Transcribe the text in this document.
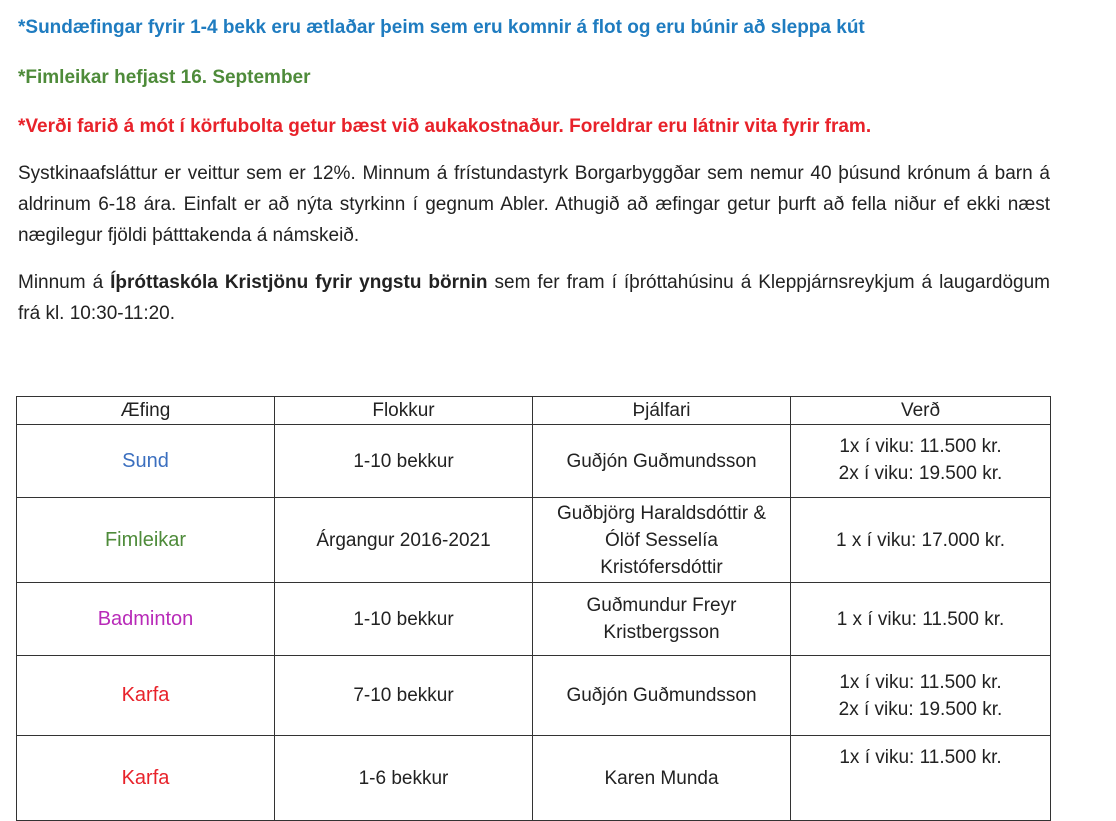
*Sundæfingar fyrir 1-4 bekk eru ætlaðar þeim sem eru komnir á flot og eru búnir að sleppa kút
*Fimleikar hefjast 16. September
*Verði farið á mót í körfubolta getur bæst við aukakostnaður. Foreldrar eru látnir vita fyrir fram.
Systkinaafsláttur er veittur sem er 12%. Minnum á frístundastyrk Borgarbyggðar sem nemur 40 þúsund krónum á barn á aldrinum 6-18 ára. Einfalt er að nýta styrkinn í gegnum Abler. Athugið að æfingar getur þurft að fella niður ef ekki næst nægilegur fjöldi þátttakenda á námskeið.
Minnum á Íþróttaskóla Kristjönu fyrir yngstu börnin sem fer fram í íþróttahúsinu á Kleppjárnsreykjum á laugardögum frá kl. 10:30-11:20.
Æfing	Flokkur	Þjálfari	Verð
Sund	1-10 bekkur	Guðjón Guðmundsson	1x í viku: 11.500 kr.
2x í viku: 19.500 kr.

Fimleikar	Árgangur 2016-2021	Guðbjörg Haraldsdóttir & Ólöf Sesselía Kristófersdóttir	1 x í viku: 17.000 kr.

Badminton	1-10 bekkur	Guðmundur Freyr Kristbergsson	1 x í viku: 11.500 kr.

Karfa	7-10 bekkur	Guðjón Guðmundsson	1x í viku: 11.500 kr.
2x í viku: 19.500 kr.

Karfa	1-6 bekkur	Karen Munda	1x í viku: 11.500 kr.
